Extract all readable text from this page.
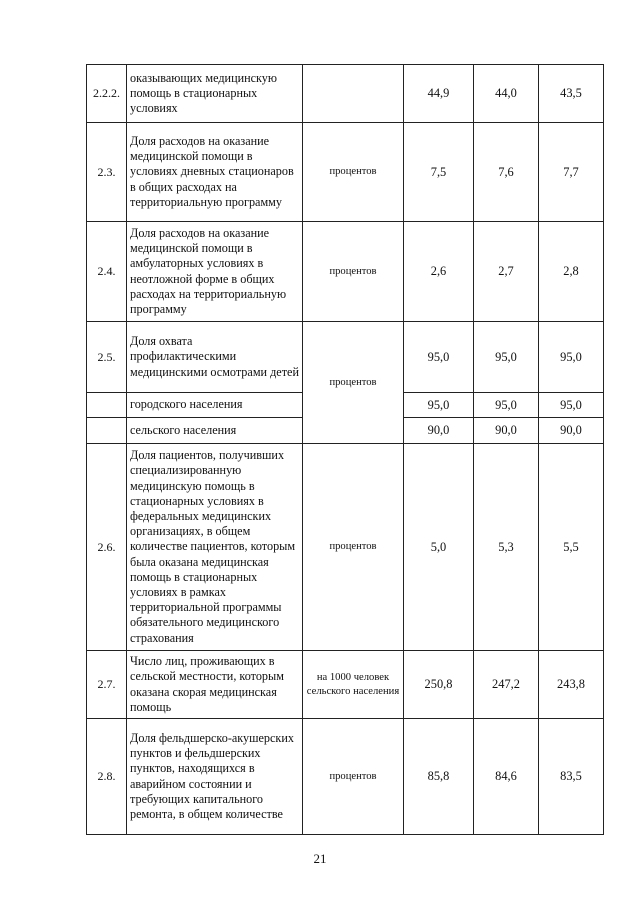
2.2.2.	оказывающих медицинскую помощь в стационарных условиях		44,9	44,0	43,5
2.3.	Доля расходов на оказание медицинской помощи в условиях дневных стационаров в общих расходах на территориальную программу	процентов	7,5	7,6	7,7
2.4.	Доля расходов на оказание медицинской помощи в амбулаторных условиях в неотложной форме в общих расходах на территориальную программу	процентов	2,6	2,7	2,8
2.5.	Доля охвата профилактическими медицинскими осмотрами детей	процентов	95,0	95,0	95,0
	городского населения		95,0	95,0	95,0
	сельского населения		90,0	90,0	90,0
2.6.	Доля пациентов, получивших специализированную медицинскую помощь в стационарных условиях в федеральных медицинских организациях, в общем количестве пациентов, которым была оказана медицинская помощь в стационарных условиях в рамках территориальной программы обязательного медицинского страхования	процентов	5,0	5,3	5,5
2.7.	Число лиц, проживающих в сельской местности, которым оказана скорая медицинская помощь	на 1000 человек сельского населения	250,8	247,2	243,8
2.8.	Доля фельдшерско-акушерских пунктов и фельдшерских пунктов, находящихся в аварийном состоянии и требующих капитального ремонта, в общем количестве	процентов	85,8	84,6	83,5
21
